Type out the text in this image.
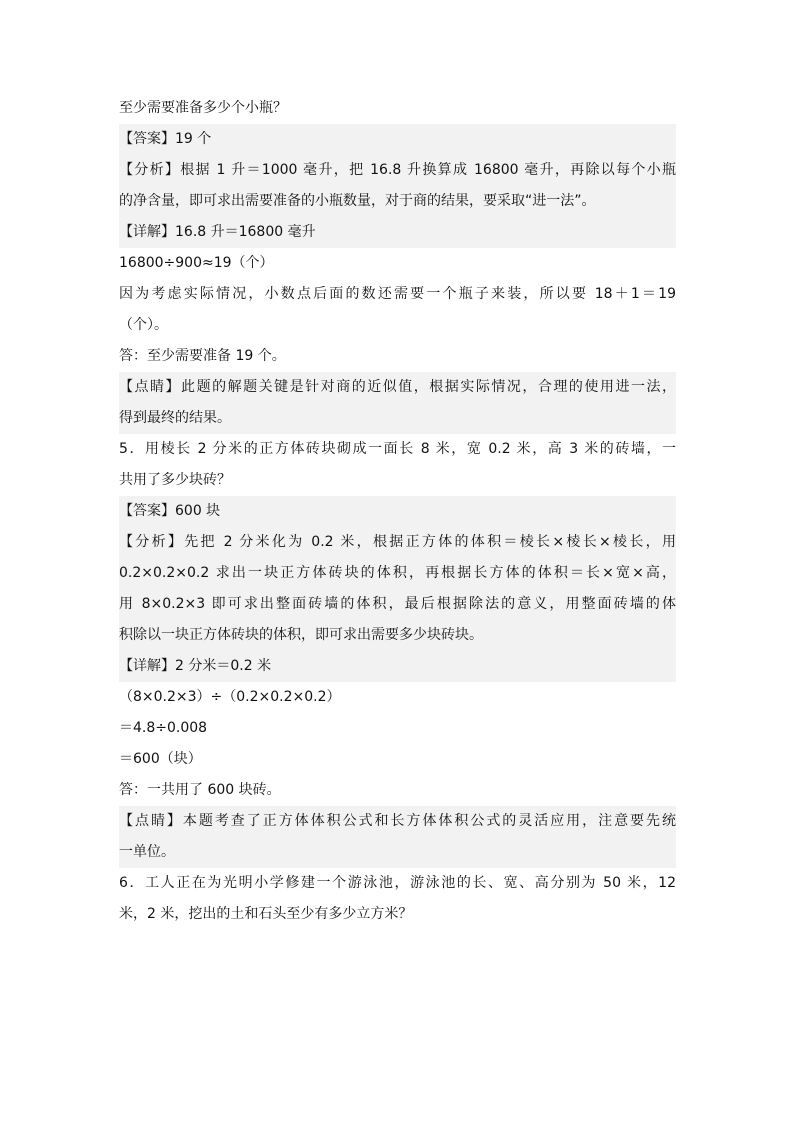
至少需要准备多少个小瓶？
【答案】19 个
【分析】根据 1 升＝1000 毫升，把 16.8 升换算成 16800 毫升，再除以每个小瓶
的净含量，即可求出需要准备的小瓶数量，对于商的结果，要采取“进一法”。
【详解】16.8 升＝16800 毫升
16800÷900≈19（个）
因为考虑实际情况，小数点后面的数还需要一个瓶子来装，所以要 18＋1＝19
（个）。
答：至少需要准备 19 个。
【点睛】此题的解题关键是针对商的近似值，根据实际情况，合理的使用进一法，
得到最终的结果。
5．用棱长 2 分米的正方体砖块砌成一面长 8 米，宽 0.2 米，高 3 米的砖墙，一
共用了多少块砖？
【答案】600 块
【分析】先把 2 分米化为 0.2 米，根据正方体的体积＝棱长×棱长×棱长，用
0.2×0.2×0.2 求出一块正方体砖块的体积，再根据长方体的体积＝长×宽×高，
用 8×0.2×3 即可求出整面砖墙的体积，最后根据除法的意义，用整面砖墙的体
积除以一块正方体砖块的体积，即可求出需要多少块砖块。
【详解】2 分米＝0.2 米
（8×0.2×3）÷（0.2×0.2×0.2）
＝4.8÷0.008
＝600（块）
答：一共用了 600 块砖。
【点睛】本题考查了正方体体积公式和长方体体积公式的灵活应用，注意要先统
一单位。
6．工人正在为光明小学修建一个游泳池，游泳池的长、宽、高分别为 50 米，12
米，2 米，挖出的土和石头至少有多少立方米？
